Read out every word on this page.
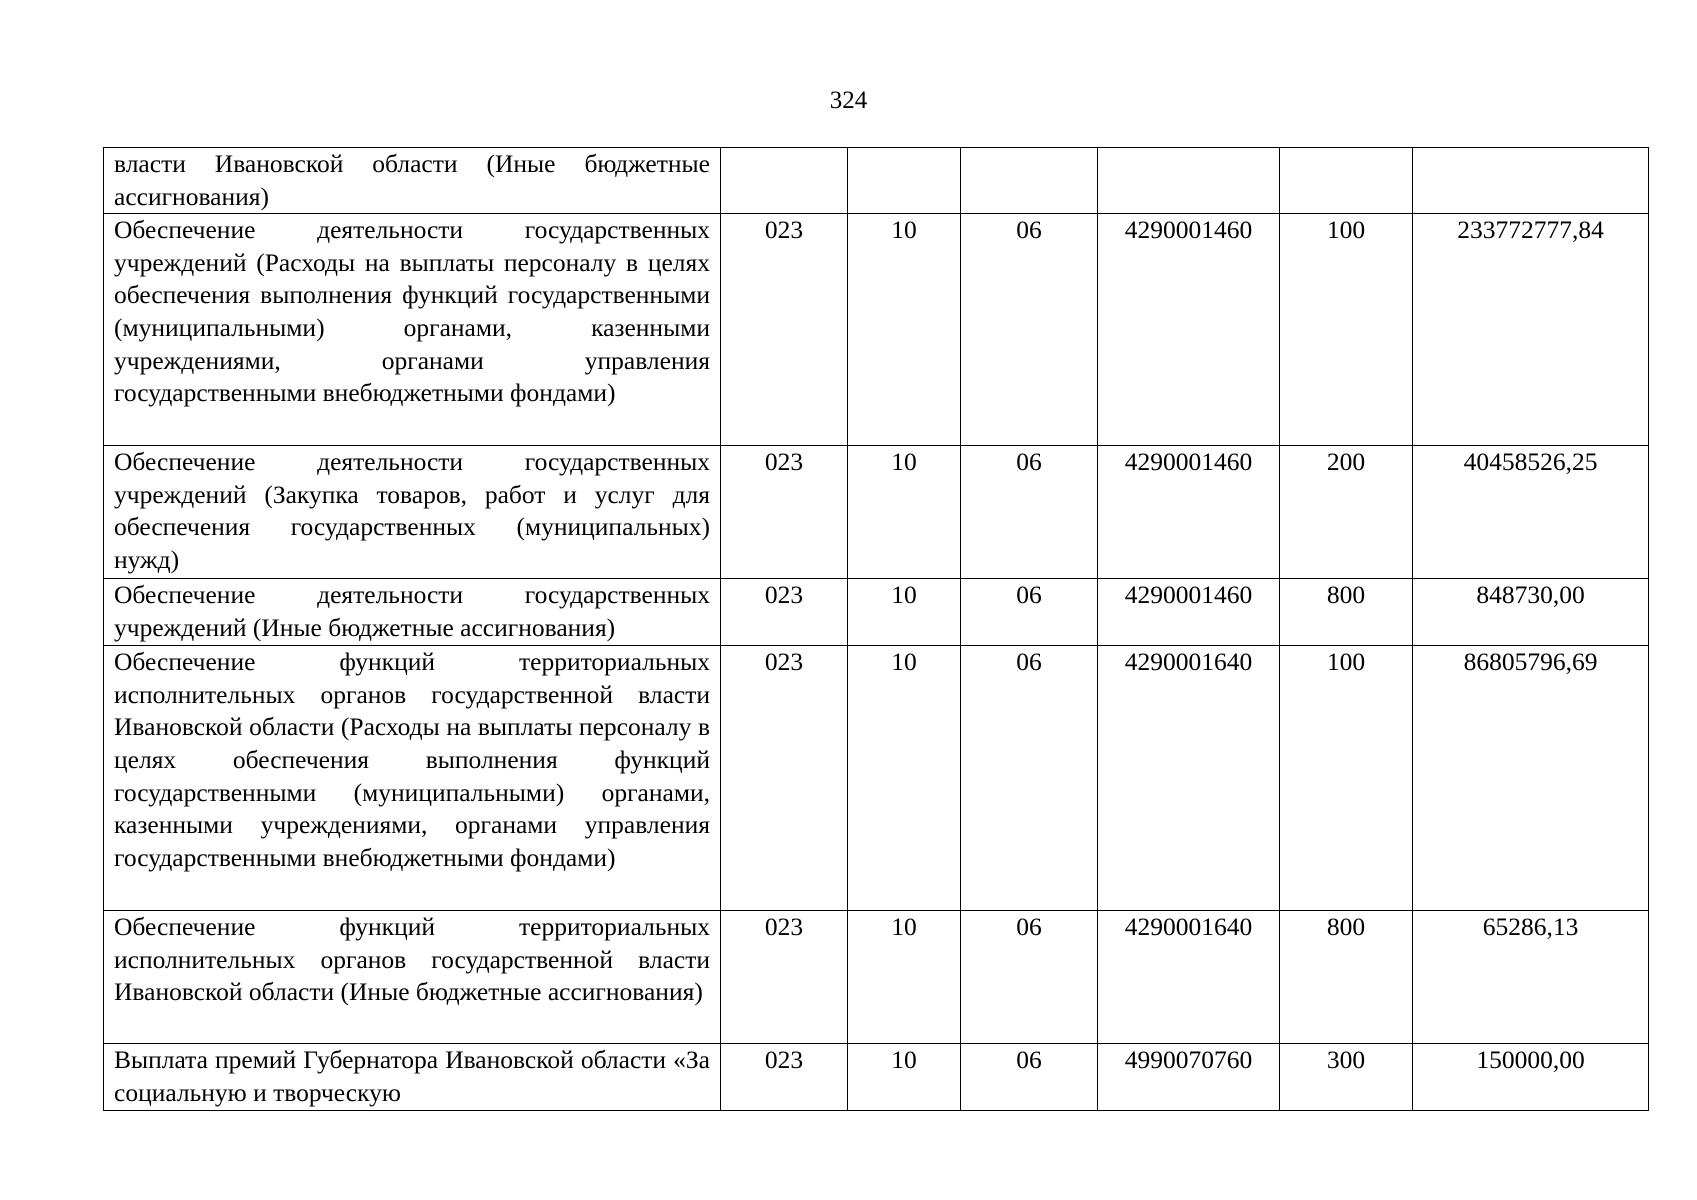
324
власти Ивановской области (Иные бюджетные ассигнования)						
Обеспечение деятельности государственных учреждений (Расходы на выплаты персоналу в целях обеспечения выполнения функций государственными (муниципальными) органами, казенными учреждениями, органами управления государственными внебюджетными фондами)	023	10	06	4290001460	100	233772777,84
Обеспечение деятельности государственных учреждений (Закупка товаров, работ и услуг для обеспечения государственных (муниципальных) нужд)	023	10	06	4290001460	200	40458526,25
Обеспечение деятельности государственных учреждений (Иные бюджетные ассигнования)	023	10	06	4290001460	800	848730,00
Обеспечение функций территориальных исполнительных органов государственной власти Ивановской области (Расходы на выплаты персоналу в целях обеспечения выполнения функций государственными (муниципальными) органами, казенными учреждениями, органами управления государственными внебюджетными фондами)	023	10	06	4290001640	100	86805796,69
Обеспечение функций территориальных исполнительных органов государственной власти Ивановской области (Иные бюджетные ассигнования)	023	10	06	4290001640	800	65286,13
Выплата премий Губернатора Ивановской области «За социальную и творческую	023	10	06	4990070760	300	150000,00
